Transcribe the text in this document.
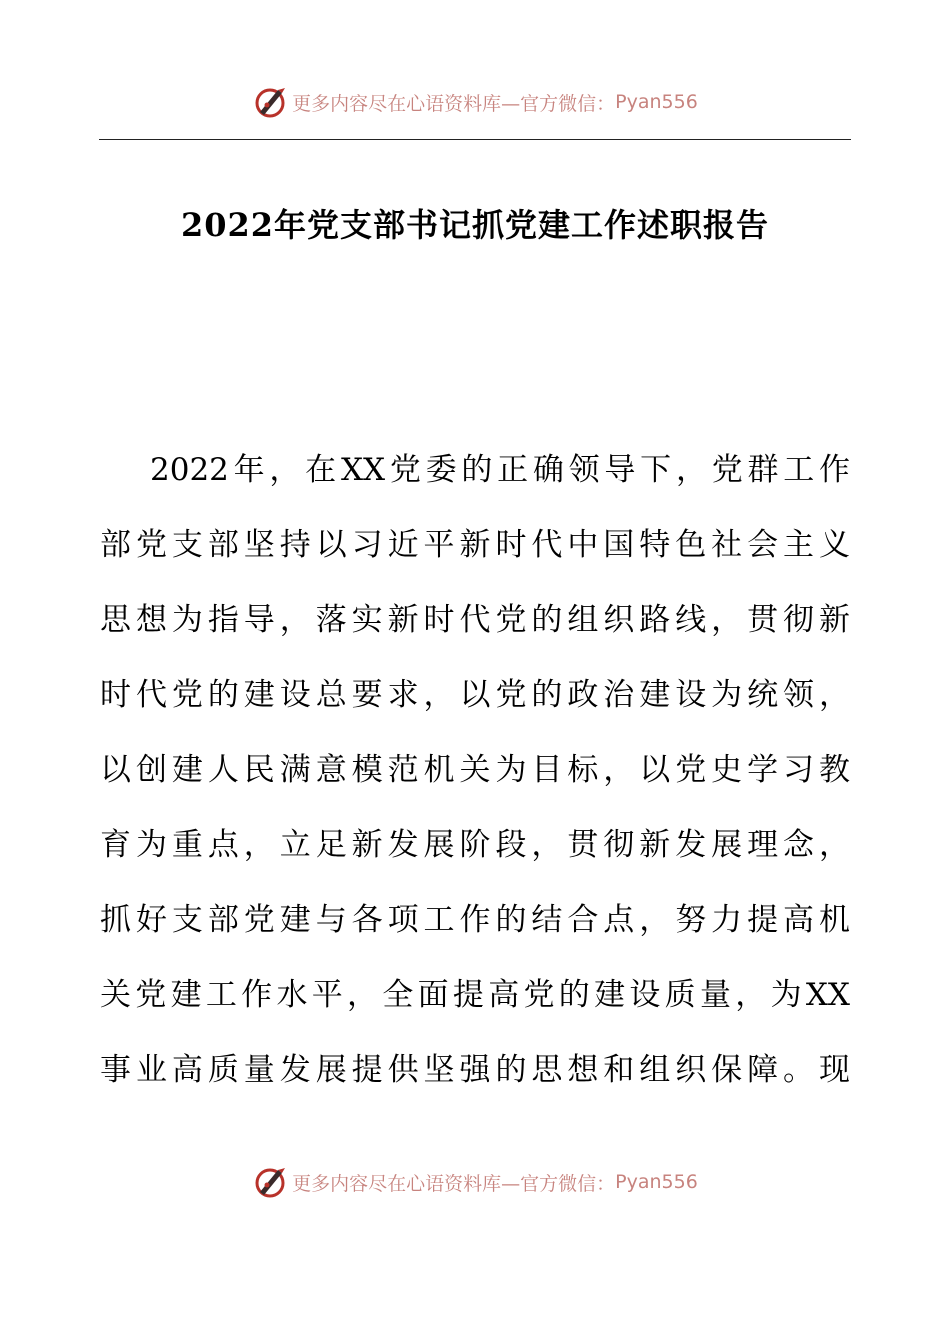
更多内容尽在心语资料库—官方微信： Pyan556
2022年党支部书记抓党建工作述职报告
2022年，在XX党委的正确领导下，党群工作
部党支部坚持以习近平新时代中国特色社会主义
思想为指导，落实新时代党的组织路线，贯彻新
时代党的建设总要求，以党的政治建设为统领，
以创建人民满意模范机关为目标，以党史学习教
育为重点，立足新发展阶段，贯彻新发展理念，
抓好支部党建与各项工作的结合点，努力提高机
关党建工作水平，全面提高党的建设质量，为XX
事业高质量发展提供坚强的思想和组织保障。现
更多内容尽在心语资料库—官方微信： Pyan556
